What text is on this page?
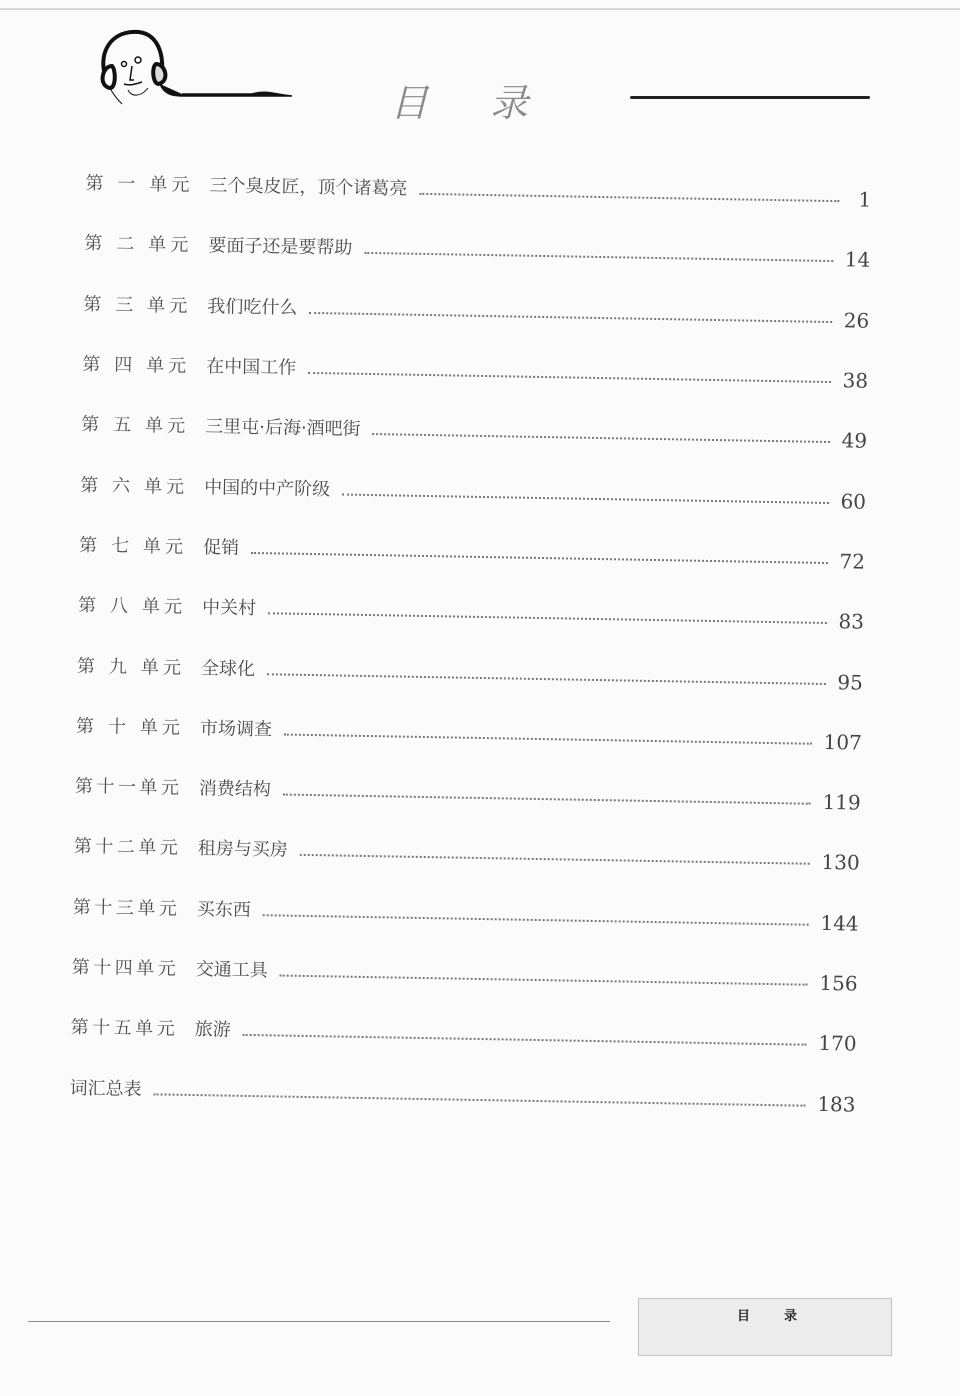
目录
第 一 单元 三个臭皮匠，顶个诸葛亮	1
第 二 单元 要面子还是要帮助
14
第 三 单元 我们吃什么
26
第 四 单元 在中国工作
38
第 五 单元 三里屯·后海·酒吧街
49
第 六 单元 中国的中产阶级
60
第 七 单元 促销
72
第 八 单元 中关村
83
第 九 单元 全球化
95
第 十 单元 市场调查
107
第十一单元 消费结构
119
第十二单元 租房与买房
130
第十三单元 买东西
144
第十四单元 交通工具
156
第十五单元 旅游
170
词汇总表
183
目录
